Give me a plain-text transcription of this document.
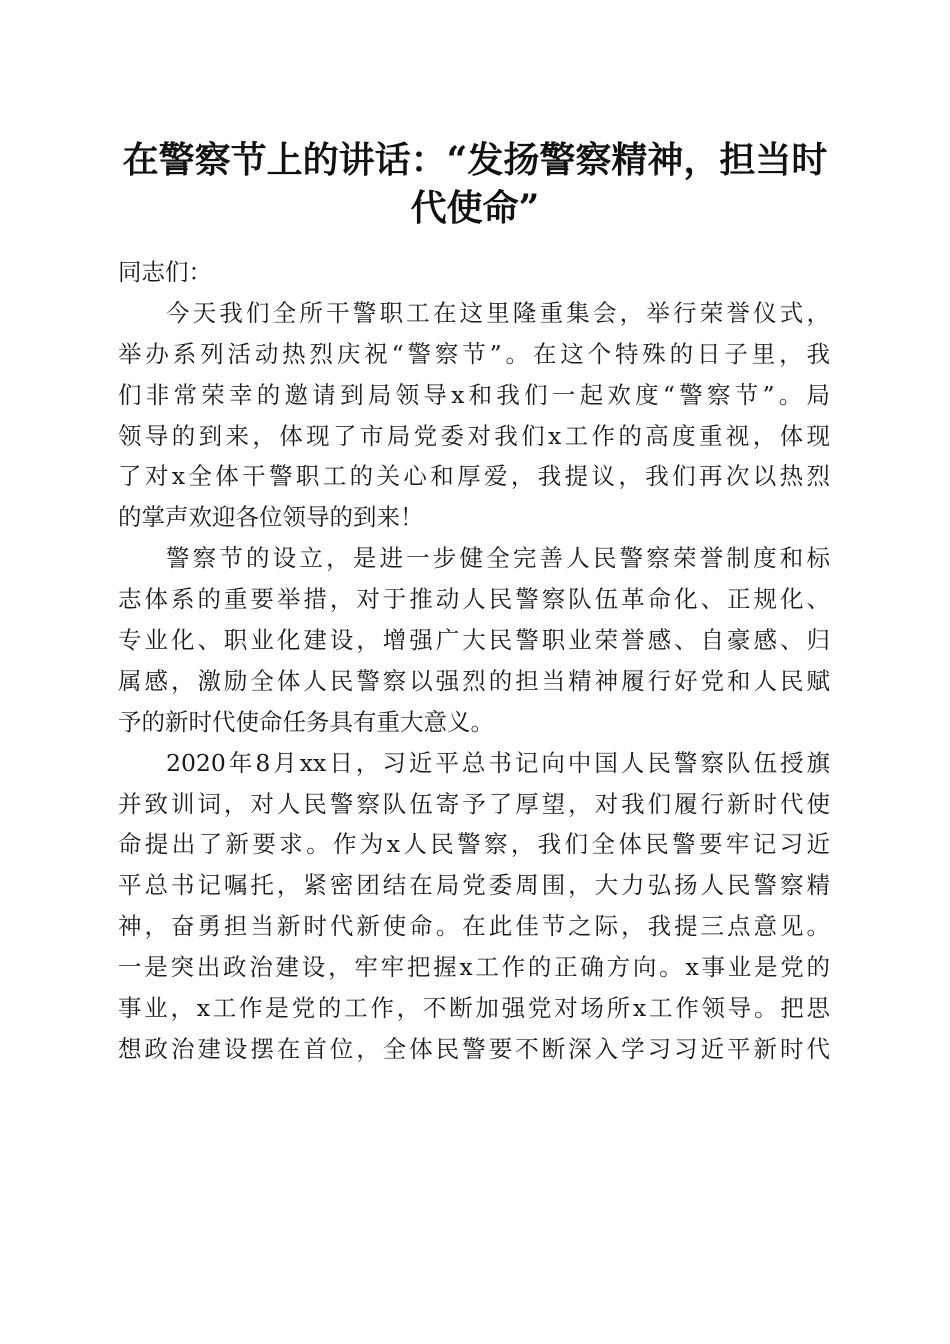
在警察节上的讲话：“发扬警察精神，担当时
代使命”
同志们：
今天我们全所干警职工在这里隆重集会，举行荣誉仪式，
举办系列活动热烈庆祝“警察节”。在这个特殊的日子里，我
们非常荣幸的邀请到局领导x和我们一起欢度“警察节”。局
领导的到来，体现了市局党委对我们x工作的高度重视，体现
了对x全体干警职工的关心和厚爱，我提议，我们再次以热烈
的掌声欢迎各位领导的到来！
警察节的设立，是进一步健全完善人民警察荣誉制度和标
志体系的重要举措，对于推动人民警察队伍革命化、正规化、
专业化、职业化建设，增强广大民警职业荣誉感、自豪感、归
属感，激励全体人民警察以强烈的担当精神履行好党和人民赋
予的新时代使命任务具有重大意义。
2020年8月xx日，习近平总书记向中国人民警察队伍授旗
并致训词，对人民警察队伍寄予了厚望，对我们履行新时代使
命提出了新要求。作为x人民警察，我们全体民警要牢记习近
平总书记嘱托，紧密团结在局党委周围，大力弘扬人民警察精
神，奋勇担当新时代新使命。在此佳节之际，我提三点意见。
一是突出政治建设，牢牢把握x工作的正确方向。x事业是党的
事业，x工作是党的工作，不断加强党对场所x工作领导。把思
想政治建设摆在首位，全体民警要不断深入学习习近平新时代
